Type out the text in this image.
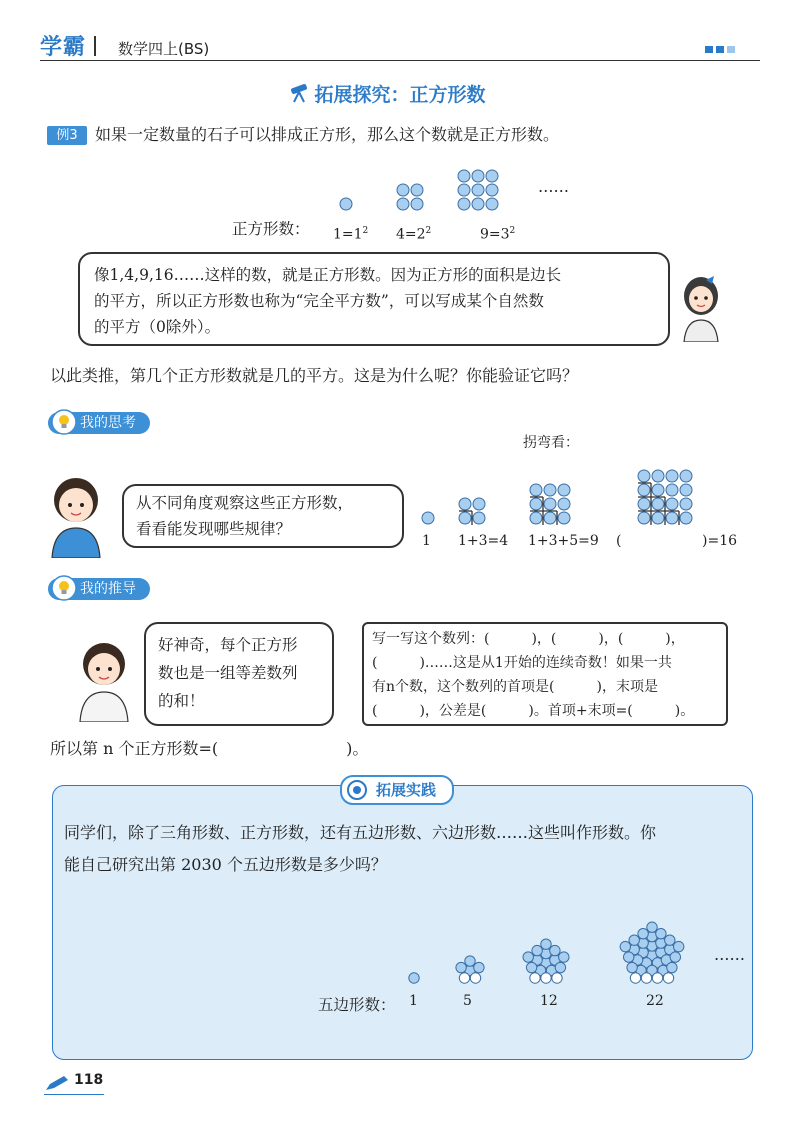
学霸 数学四上(BS)
拓展探究：正方形数
例3	如果一定数量的石子可以排成正方形，那么这个数就是正方形数。
……
正方形数： $1=1^2$ $4=2^2$	$9=3^2$
像1,4,9,16……这样的数，就是正方形数。因为正方形的面积是边长
的平方，所以正方形数也称为“完全平方数”，可以写成某个自然数
的平方（0除外）。
以此类推，第几个正方形数就是几的平方。这是为什么呢？你能验证它吗？
我的思考
拐弯看：
从不同角度观察这些正方形数，
看看能发现哪些规律？
1 1+3=4 1+3+5=9 (	)=16
我的推导
好神奇，每个正方形
数也是一组等差数列
的和！
写一写这个数列：(　　　)，(　　　)，(　　　)，
(　　　)……这是从1开始的连续奇数！如果一共
有n个数，这个数列的首项是(　　　)，末项是
(　　　)，公差是(　　　)。首项+末项=(　　　)。
所以第 n 个正方形数=(　　　　　　　　)。
拓展实践
同学们，除了三角形数、正方形数，还有五边形数、六边形数……这些叫作形数。你
能自己研究出第 2030 个五边形数是多少吗？
……
五边形数： 1	5	12	22
118
